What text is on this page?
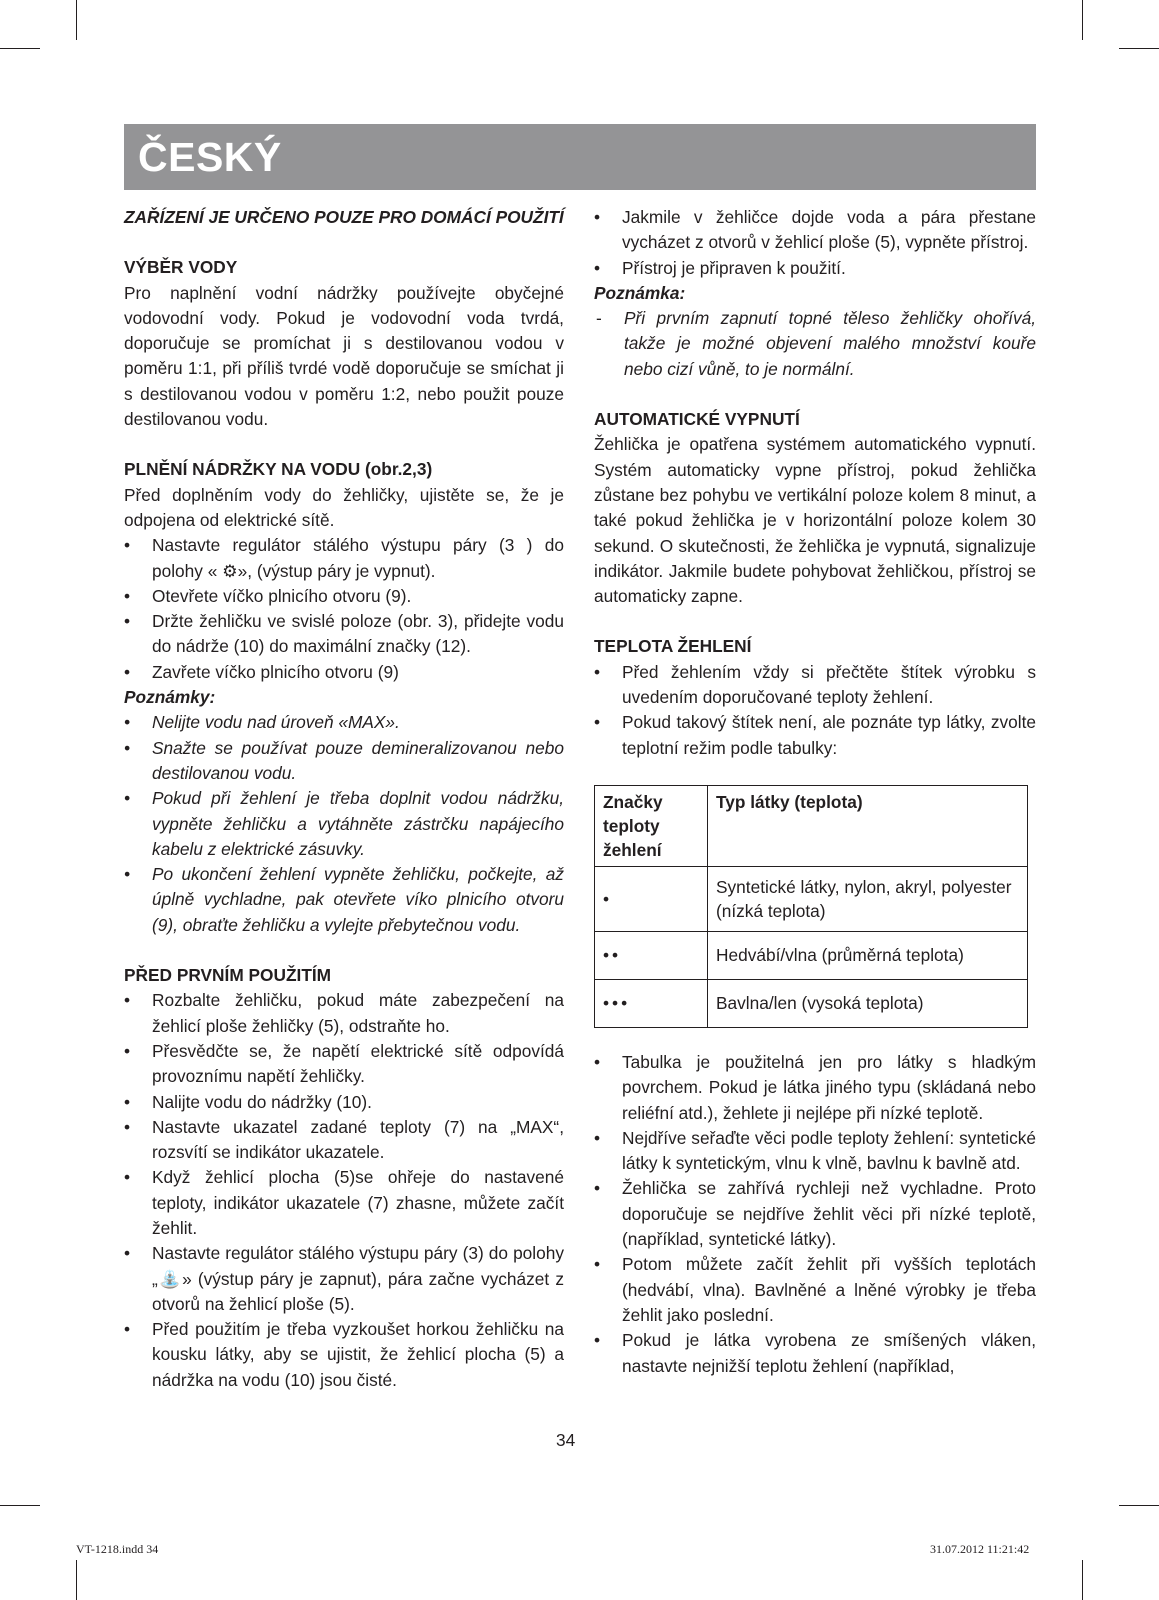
ČESKÝ

ZAŘÍZENÍ JE URČENO POUZE PRO DOMÁCÍ POUŽITÍ

VÝBĚR VODY

Pro naplnění vodní nádržky používejte obyčejné vodovodní vody. Pokud je vodovodní voda tvrdá, doporučuje se promíchat ji s destilovanou vodou v poměru 1:1, při příliš tvrdé vodě doporučuje se smíchat ji s destilovanou vodou v poměru 1:2, nebo použit pouze destilovanou vodu.

PLNĚNÍ NÁDRŽKY NA VODU (obr.2,3)

Před doplněním vody do žehličky, ujistěte se, že je odpojena od elektrické sítě.

• Nastavte regulátor stálého výstupu páry (3 ) do polohy « ⚙», (výstup páry je vypnut).
• Otevřete víčko plnicího otvoru (9).
• Držte žehličku ve svislé poloze (obr. 3), přidejte vodu do nádrže (10) do maximální značky (12).
• Zavřete víčko plnicího otvoru (9)

Poznámky:

• Nelijte vodu nad úroveň «MAX».
• Snažte se používat pouze demineralizovanou nebo destilovanou vodu.
• Pokud při žehlení je třeba doplnit vodou nádržku, vypněte žehličku a vytáhněte zástrčku napájecího kabelu z elektrické zásuvky.
• Po ukončení žehlení vypněte žehličku, počkejte, až úplně vychladne, pak otevřete víko plnicího otvoru (9), obraťte žehličku a vylejte přebytečnou vodu.

PŘED PRVNÍM POUŽITÍM

• Rozbalte žehličku, pokud máte zabezpečení na žehlicí ploše žehličky (5), odstraňte ho.
• Přesvědčte se, že napětí elektrické sítě odpovídá provoznímu napětí žehličky.
• Nalijte vodu do nádržky (10).
• Nastavte ukazatel zadané teploty (7) na „MAX“, rozsvítí se indikátor ukazatele.
• Když žehlicí plocha (5)se ohřeje do nastavené teploty, indikátor ukazatele (7) zhasne, můžete začít žehlit.
• Nastavte regulátor stálého výstupu páry (3) do polohy „⛲» (výstup páry je zapnut), pára začne vycházet z otvorů na žehlicí ploše (5).
• Před použitím je třeba vyzkoušet horkou žehličku na kousku látky, aby se ujistit, že žehlicí plocha (5) a nádržka na vodu (10) jsou čisté.
• Jakmile v žehličce dojde voda a pára přestane vycházet z otvorů v žehlicí ploše (5), vypněte přístroj.
• Přístroj je připraven k použití.

Poznámka:

- Při prvním zapnutí topné těleso žehličky ohořívá, takže je možné objevení malého množství kouře nebo cizí vůně, to je normální.

AUTOMATICKÉ VYPNUTÍ

Žehlička je opatřena systémem automatického vypnutí. Systém automaticky vypne přístroj, pokud žehlička zůstane bez pohybu ve vertikální poloze kolem 8 minut, a také pokud žehlička je v horizontální poloze kolem 30 sekund. O skutečnosti, že žehlička je vypnutá, signalizuje indikátor. Jakmile budete pohybovat žehličkou, přístroj se automaticky zapne.

TEPLOTA ŽEHLENÍ

• Před žehlením vždy si přečtěte štítek výrobku s uvedením doporučované teploty žehlení.
• Pokud takový štítek není, ale poznáte typ látky, zvolte teplotní režim podle tabulky:
Značky teploty žehlení	Typ látky (teplota)
•	Syntetické látky, nylon, akryl, polyester (nízká teplota)
••	Hedvábí/vlna (průměrná teplota)
•••	Bavlna/len (vysoká teplota)
• Tabulka je použitelná jen pro látky s hladkým povrchem. Pokud je látka jiného typu (skládaná nebo reliéfní atd.), žehlete ji nejlépe při nízké teplotě.
• Nejdříve seřaďte věci podle teploty žehlení: syntetické látky k syntetickým, vlnu k vlně, bavlnu k bavlně atd.
• Žehlička se zahřívá rychleji než vychladne. Proto doporučuje se nejdříve žehlit věci při nízké teplotě, (například, syntetické látky).
• Potom můžete začít žehlit při vyšších teplotách (hedvábí, vlna). Bavlněné a lněné výrobky je třeba žehlit jako poslední.
• Pokud je látka vyrobena ze smíšených vláken, nastavte nejnižší teplotu žehlení (například,
34
VT-1218.indd 34	31.07.2012 11:21:42
